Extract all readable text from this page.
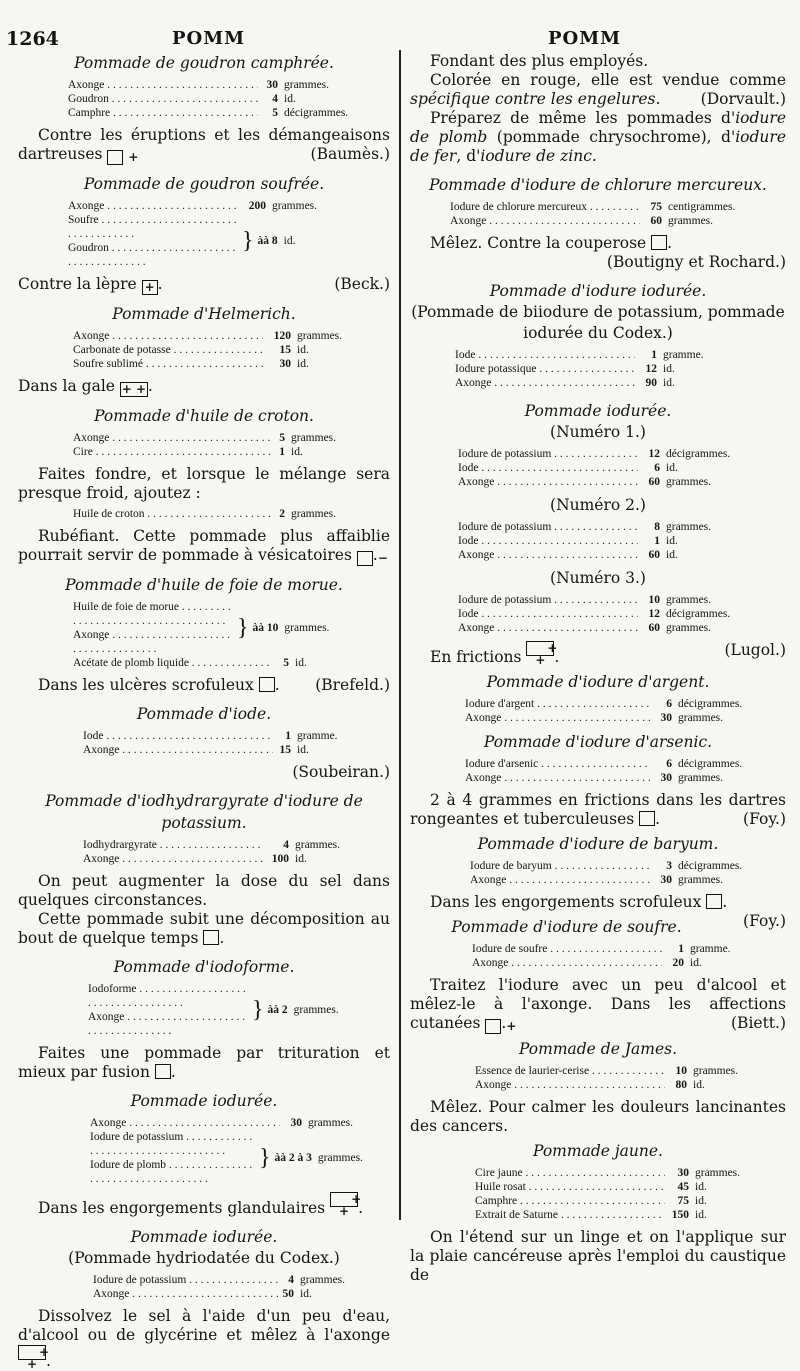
1264	POMM	POMM

Pommade de goudron camphrée.

Axonge . . .	30 grammes.
Goudron . . .	4 id.
Camphre . . .	5 décigrammes.

Contre les éruptions et les démangeaisons dartreuses +	(Baumès.)

Pommade de goudron soufrée.

Axonge . . .	200 grammes.
Soufre . . .
Goudron . . .	} àà 8 id.

Contre la lèpre + .	(Beck.)

Pommade d'Helmerich.

Axonge . . .	120 grammes.
Carbonate de potasse . . .	15 id.
Soufre sublimé . . .	30 id.

Dans la gale + + .

Pommade d'huile de croton.

Axonge . . .	5 grammes.
Cire . . .	1 id.

Faites fondre, et lorsque le mélange sera presque froid, ajoutez :

Huile de croton . . .	2 grammes.

Rubéfiant. Cette pommade plus affaiblie pourrait servir de pommade à vésicatoires −.

Pommade d'huile de foie de morue.

Huile de foie de morue . . .
Axonge . . .	} àà 10 grammes.
Acétate de plomb liquide . . .	5 id.

Dans les ulcères scrofuleux .	(Brefeld.)

Pommade d'iode.

Iode . . .	1 gramme.
Axonge . . .	15 id.

(Soubeiran.)

Pommade d'iodhydrargyrate d'iodure de potassium.

Iodhydrargyrate . . .	4 grammes.
Axonge . . .	100 id.

On peut augmenter la dose du sel dans quelques circonstances.

Cette pommade subit une décomposition au bout de quelque temps .

Pommade d'iodoforme.

Iodoforme . . .
Axonge . . .	} àà 2 grammes.

Faites une pommade par trituration et mieux par fusion .

Pommade iodurée.

Axonge . . .	30 grammes.
Iodure de potassium . . .
Iodure de plomb . . .	} àà 2 à 3 grammes.

Dans les engorgements glandulaires + + .

Pommade iodurée.

(Pommade hydriodatée du Codex.)

Iodure de potassium . . .	4 grammes.
Axonge . . .	50 id.

Dissolvez le sel à l'aide d'un peu d'eau, d'alcool ou de glycérine et mêlez à l'axonge + + .

Fondant des plus employés.

Colorée en rouge, elle est vendue comme spécifique contre les engelures.	(Dorvault.)

Préparez de même les pommades d'iodure de plomb (pommade chrysochrome), d'iodure de fer, d'iodure de zinc.

Pommade d'iodure de chlorure mercureux.

Iodure de chlorure mercureux . . .	75 centigrammes.
Axonge . . .	60 grammes.

Mêlez. Contre la couperose .

(Boutigny et Rochard.)

Pommade d'iodure iodurée.

(Pommade de biiodure de potassium, pommade iodurée du Codex.)

Iode . . .	1 gramme.
Iodure potassique . . .	12 id.
Axonge . . .	90 id.

Pommade iodurée.

(Numéro 1.)

Iodure de potassium . . .	12 décigrammes.
Iode . . .	6 id.
Axonge . . .	60 grammes.

(Numéro 2.)

Iodure de potassium . . .	8 grammes.
Iode . . .	1 id.
Axonge . . .	60 id.

(Numéro 3.)

Iodure de potassium . . .	10 grammes.
Iode . . .	12 décigrammes.
Axonge . . .	60 grammes.

En frictions + + .	(Lugol.)

Pommade d'iodure d'argent.

Iodure d'argent . . .	6 décigrammes.
Axonge . . .	30 grammes.

Pommade d'iodure d'arsenic.

Iodure d'arsenic . . .	6 décigrammes.
Axonge . . .	30 grammes.

2 à 4 grammes en frictions dans les dartres rongeantes et tuberculeuses .	(Foy.)

Pommade d'iodure de baryum.

Iodure de baryum . . .	3 décigrammes.
Axonge . . .	30 grammes.

Dans les engorgements scrofuleux .
(Foy.)

Pommade d'iodure de soufre.

Iodure de soufre . . .	1 gramme.
Axonge . . .	20 id.

Traitez l'iodure avec un peu d'alcool et mêlez-le à l'axonge. Dans les affections cutanées +.	(Biett.)

Pommade de James.

Essence de laurier-cerise . . .	10 grammes.
Axonge . . .	80 id.

Mêlez. Pour calmer les douleurs lancinantes des cancers.

Pommade jaune.

Cire jaune . . .	30 grammes.
Huile rosat . . .	45 id.
Camphre . . .	75 id.
Extrait de Saturne . . .	150 id.

On l'étend sur un linge et on l'applique sur la plaie cancéreuse après l'emploi du caustique de
